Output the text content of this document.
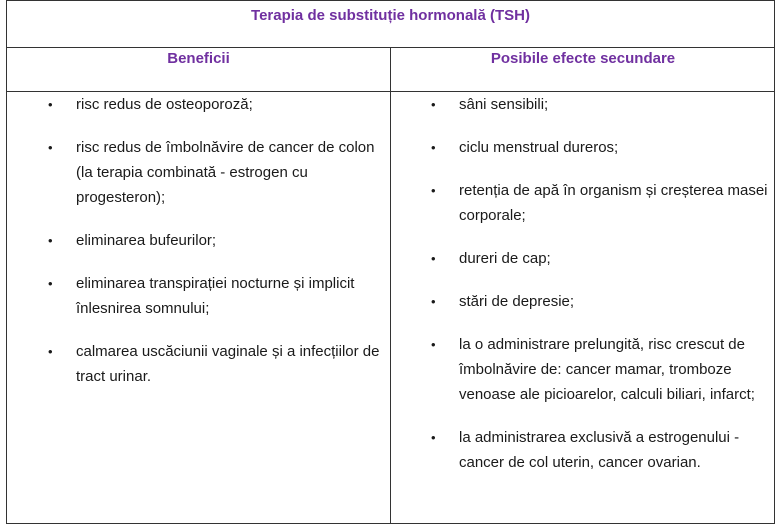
Terapia de substituție hormonală (TSH)
Beneficii	Posibile efecte secundare
• risc redus de osteoporoză;
• risc redus de îmbolnăvire de cancer de colon (la terapia combinată - estrogen cu progesteron);
• eliminarea bufeurilor;
• eliminarea transpirației nocturne și implicit înlesnirea somnului;
• calmarea uscăciunii vaginale și a infecțiilor de tract urinar.
• sâni sensibili;
• ciclu menstrual dureros;
• retenția de apă în organism și creșterea masei corporale;
• dureri de cap;
• stări de depresie;
• la o administrare prelungită, risc crescut de îmbolnăvire de: cancer mamar, tromboze venoase ale picioarelor, calculi biliari, infarct;
• la administrarea exclusivă a estrogenului - cancer de col uterin, cancer ovarian.
